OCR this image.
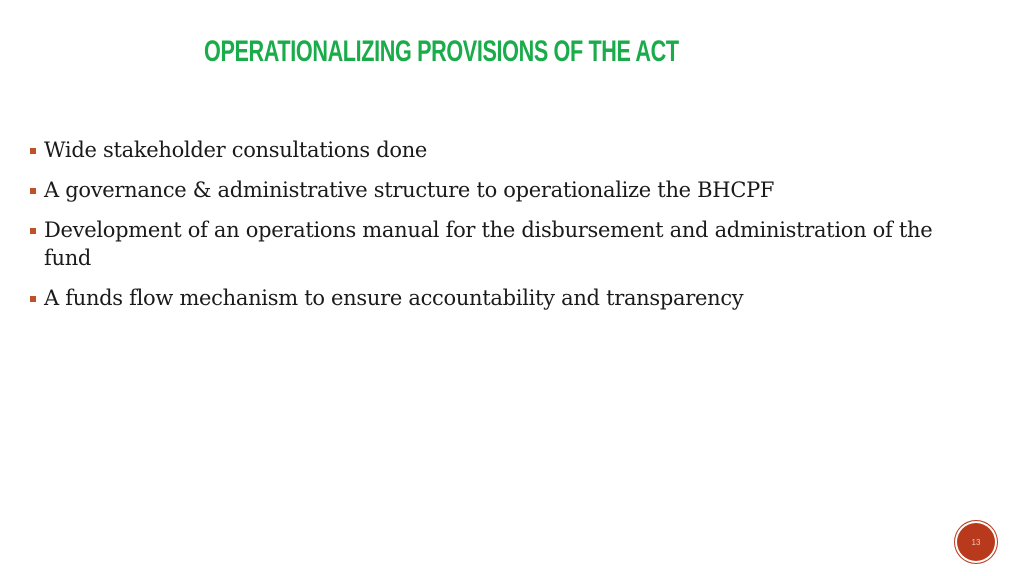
OPERATIONALIZING PROVISIONS OF THE ACT
Wide stakeholder consultations done
A governance & administrative structure to operationalize the BHCPF
Development of an operations manual for the disbursement and administration of the fund
A funds flow mechanism to ensure accountability and transparency
13
